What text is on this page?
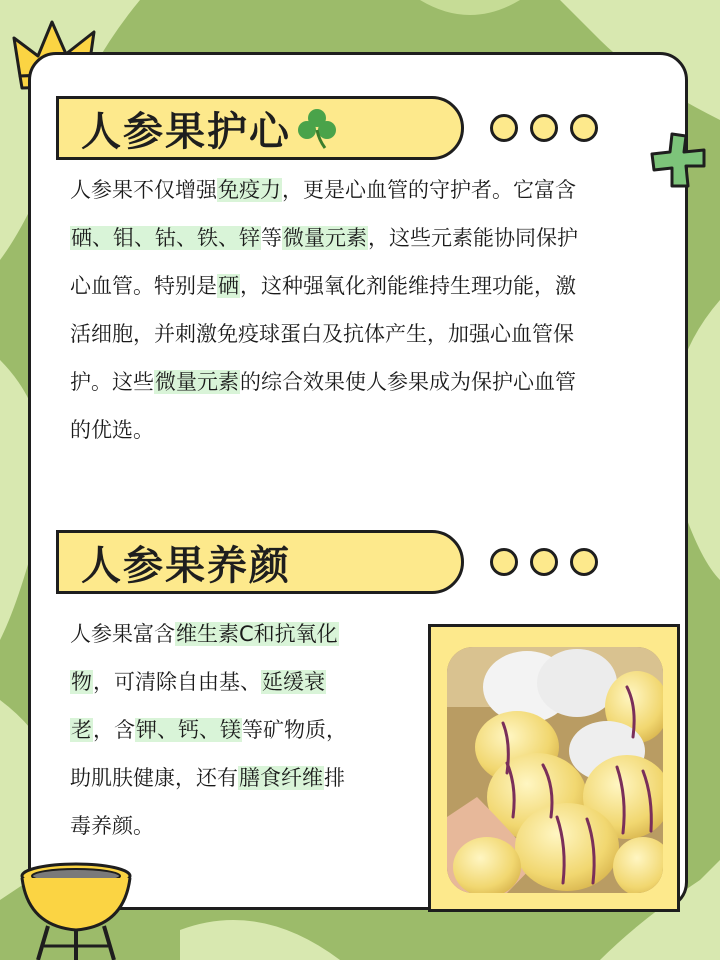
人参果护心
人参果不仅增强免疫力，更是心血管的守护者。它富含
硒、钼、钴、铁、锌等微量元素，这些元素能协同保护
心血管。特别是硒，这种强氧化剂能维持生理功能，激
活细胞，并刺激免疫球蛋白及抗体产生，加强心血管保
护。这些微量元素的综合效果使人参果成为保护心血管
的优选。
人参果养颜
人参果富含维生素C和抗氧化
物，可清除自由基、延缓衰
老，含钾、钙、镁等矿物质，
助肌肤健康，还有膳食纤维排
毒养颜。
